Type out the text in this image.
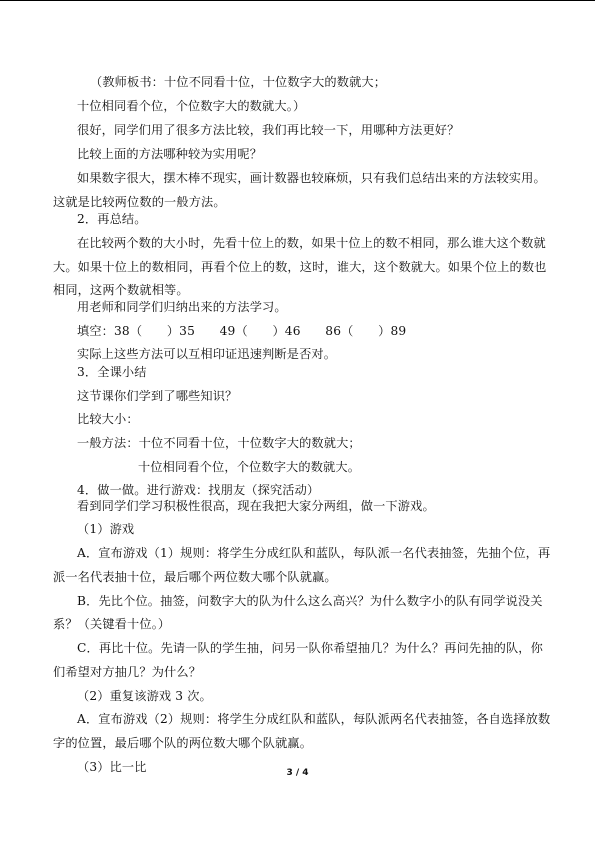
（教师板书：十位不同看十位，十位数字大的数就大；
十位相同看个位，个位数字大的数就大。）
很好，同学们用了很多方法比较，我们再比较一下，用哪种方法更好？
比较上面的方法哪种较为实用呢？
如果数字很大，摆木棒不现实，画计数器也较麻烦，只有我们总结出来的方法较实用。
这就是比较两位数的一般方法。
2．再总结。
在比较两个数的大小时，先看十位上的数，如果十位上的数不相同，那么谁大这个数就
大。如果十位上的数相同，再看个位上的数，这时，谁大，这个数就大。如果个位上的数也
相同，这两个数就相等。
用老师和同学们归纳出来的方法学习。
填空：38（　　）35　　49（　　）46　　86（　　）89
实际上这些方法可以互相印证迅速判断是否对。
3．全课小结
这节课你们学到了哪些知识？
比较大小：
一般方法：十位不同看十位，十位数字大的数就大；
十位相同看个位，个位数字大的数就大。
4．做一做。进行游戏：找朋友（探究活动）
看到同学们学习积极性很高，现在我把大家分两组，做一下游戏。
（1）游戏
A．宣布游戏（1）规则：将学生分成红队和蓝队，每队派一名代表抽签，先抽个位，再
派一名代表抽十位，最后哪个两位数大哪个队就赢。
B．先比个位。抽签，问数字大的队为什么这么高兴？为什么数字小的队有同学说没关
系？（关键看十位。）
C．再比十位。先请一队的学生抽，问另一队你希望抽几？为什么？再问先抽的队，你
们希望对方抽几？为什么？
（2）重复该游戏 3 次。
A．宣布游戏（2）规则：将学生分成红队和蓝队，每队派两名代表抽签，各自选择放数
字的位置，最后哪个队的两位数大哪个队就赢。
（3）比一比	3 / 4
